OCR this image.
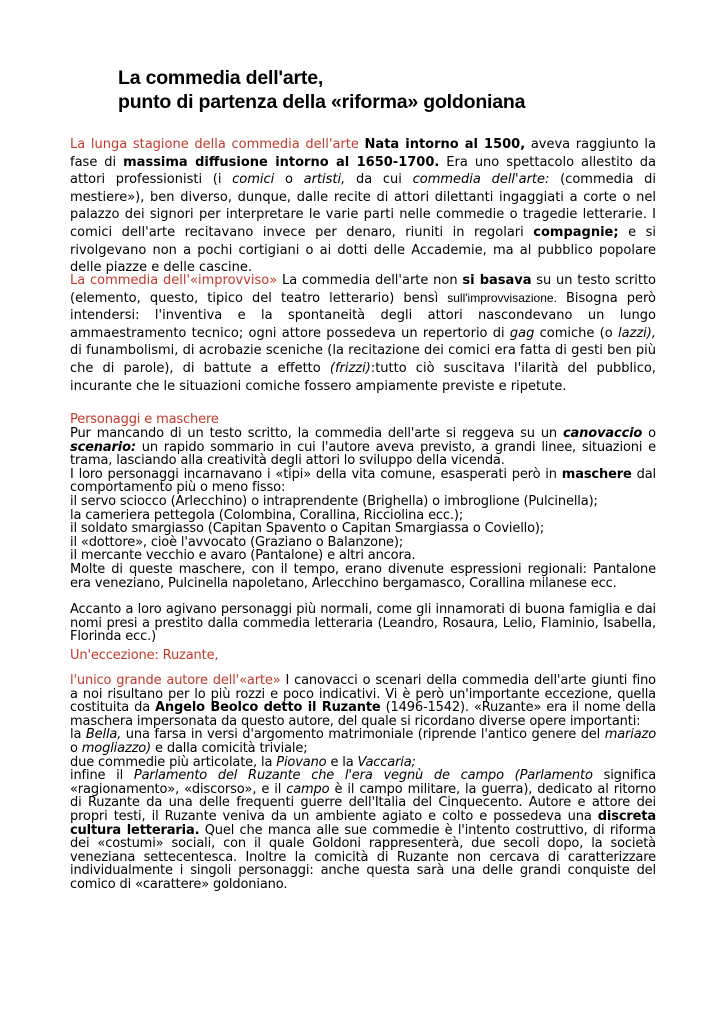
La commedia dell'arte,
punto di partenza della «riforma» goldoniana

La lunga stagione della commedia dell'arte Nata intorno al 1500, aveva raggiunto la fase di massima diffusione intorno al 1650-1700. Era uno spettacolo allestito da attori professionisti (i comici o artisti, da cui commedia dell'arte: (commedia di mestiere»), ben diverso, dunque, dalle recite di attori dilettanti ingaggiati a corte o nel palazzo dei signori per interpretare le varie parti nelle commedie o tragedie letterarie. I comici dell'arte recitavano invece per denaro, riuniti in regolari compagnie; e si rivolgevano non a pochi cortigiani o ai dotti delle Accademie, ma al pubblico popolare delle piazze e delle cascine.

La commedia dell'«improvviso» La commedia dell'arte non si basava su un testo scritto (elemento, questo, tipico del teatro letterario) bensì sull'improvvisazione. Bisogna però intendersi: l'inventiva e la spontaneità degli attori nascondevano un lungo ammaestramento tecnico; ogni attore possedeva un repertorio di gag comiche (o lazzi), di funambolismi, di acrobazie sceniche (la recitazione dei comici era fatta di gesti ben più che di parole), di battute a effetto (frizzi):tutto ciò suscitava l'ilarità del pubblico, incurante che le situazioni comiche fossero ampiamente previste e ripetute.

Personaggi e maschere

Pur mancando di un testo scritto, la commedia dell'arte si reggeva su un canovaccio o scenario: un rapido sommario in cui l'autore aveva previsto, a grandi linee, situazioni e trama, lasciando alla creatività degli attori lo sviluppo della vicenda.

I loro personaggi incarnavano i «tipi» della vita comune, esasperati però in maschere dal comportamento più o meno fisso:

il servo sciocco (Arlecchino) o intraprendente (Brighella) o imbroglione (Pulcinella);
la cameriera pettegola (Colombina, Corallina, Ricciolina ecc.);
il soldato smargiasso (Capitan Spavento o Capitan Smargiassa o Coviello);
il «dottore», cioè l'avvocato (Graziano o Balanzone);
il mercante vecchio e avaro (Pantalone) e altri ancora.

Molte di queste maschere, con il tempo, erano divenute espressioni regionali: Pantalone era veneziano, Pulcinella napoletano, Arlecchino bergamasco, Corallina milanese ecc.

Accanto a loro agivano personaggi più normali, come gli innamorati di buona famiglia e dai nomi presi a prestito dalla commedia letteraria (Leandro, Rosaura, Lelio, Flaminio, Isabella, Florinda ecc.)

Un'eccezione: Ruzante,

l'unico grande autore dell'«arte» I canovacci o scenari della commedia dell'arte giunti fino a noi risultano per lo più rozzi e poco indicativi. Vi è però un'importante eccezione, quella costituita da Angelo Beolco detto il Ruzante (1496-1542). «Ruzante» era il nome della maschera impersonata da questo autore, del quale si ricordano diverse opere importanti:

la Bella, una farsa in versi d'argomento matrimoniale (riprende l'antico genere del mariazo o mogliazzo) e dalla comicità triviale;

due commedie più articolate, la Piovano e la Vaccaria;

infine il Parlamento del Ruzante che l'era vegnù de campo (Parlamento significa «ragionamento», «discorso», e il campo è il campo militare, la guerra), dedicato al ritorno di Ruzante da una delle frequenti guerre dell'Italia del Cinquecento. Autore e attore dei propri testi, il Ruzante veniva da un ambiente agiato e colto e possedeva una discreta cultura letteraria. Quel che manca alle sue commedie è l'intento costruttivo, di riforma dei «costumi» sociali, con il quale Goldoni rappresenterà, due secoli dopo, la società veneziana settecentesca. Inoltre la comicità di Ruzante non cercava di caratterizzare individualmente i singoli personaggi: anche questa sarà una delle grandi conquiste del comico di «carattere» goldoniano.
